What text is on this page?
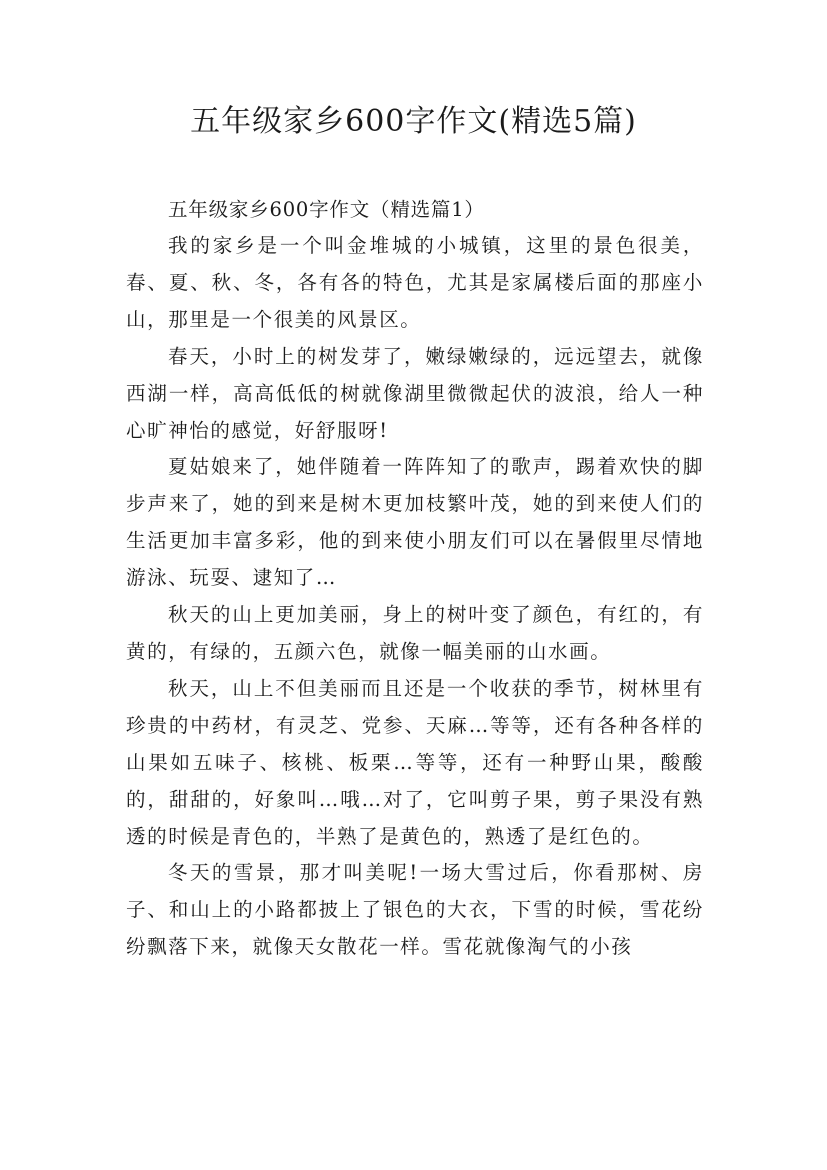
五年级家乡600字作文(精选5篇)

五年级家乡600字作文（精选篇1）

我的家乡是一个叫金堆城的小城镇，这里的景色很美，春、夏、秋、冬，各有各的特色，尤其是家属楼后面的那座小山，那里是一个很美的风景区。

春天，小时上的树发芽了，嫩绿嫩绿的，远远望去，就像西湖一样，高高低低的树就像湖里微微起伏的波浪，给人一种心旷神怡的感觉，好舒服呀!

夏姑娘来了，她伴随着一阵阵知了的歌声，踢着欢快的脚步声来了，她的到来是树木更加枝繁叶茂，她的到来使人们的生活更加丰富多彩，他的到来使小朋友们可以在暑假里尽情地游泳、玩耍、逮知了…

秋天的山上更加美丽，身上的树叶变了颜色，有红的，有黄的，有绿的，五颜六色，就像一幅美丽的山水画。

秋天，山上不但美丽而且还是一个收获的季节，树林里有珍贵的中药材，有灵芝、党参、天麻…等等，还有各种各样的山果如五味子、核桃、板栗…等等，还有一种野山果，酸酸的，甜甜的，好象叫…哦…对了，它叫剪子果，剪子果没有熟透的时候是青色的，半熟了是黄色的，熟透了是红色的。

冬天的雪景，那才叫美呢!一场大雪过后，你看那树、房子、和山上的小路都披上了银色的大衣，下雪的时候，雪花纷纷飘落下来，就像天女散花一样。雪花就像淘气的小孩
